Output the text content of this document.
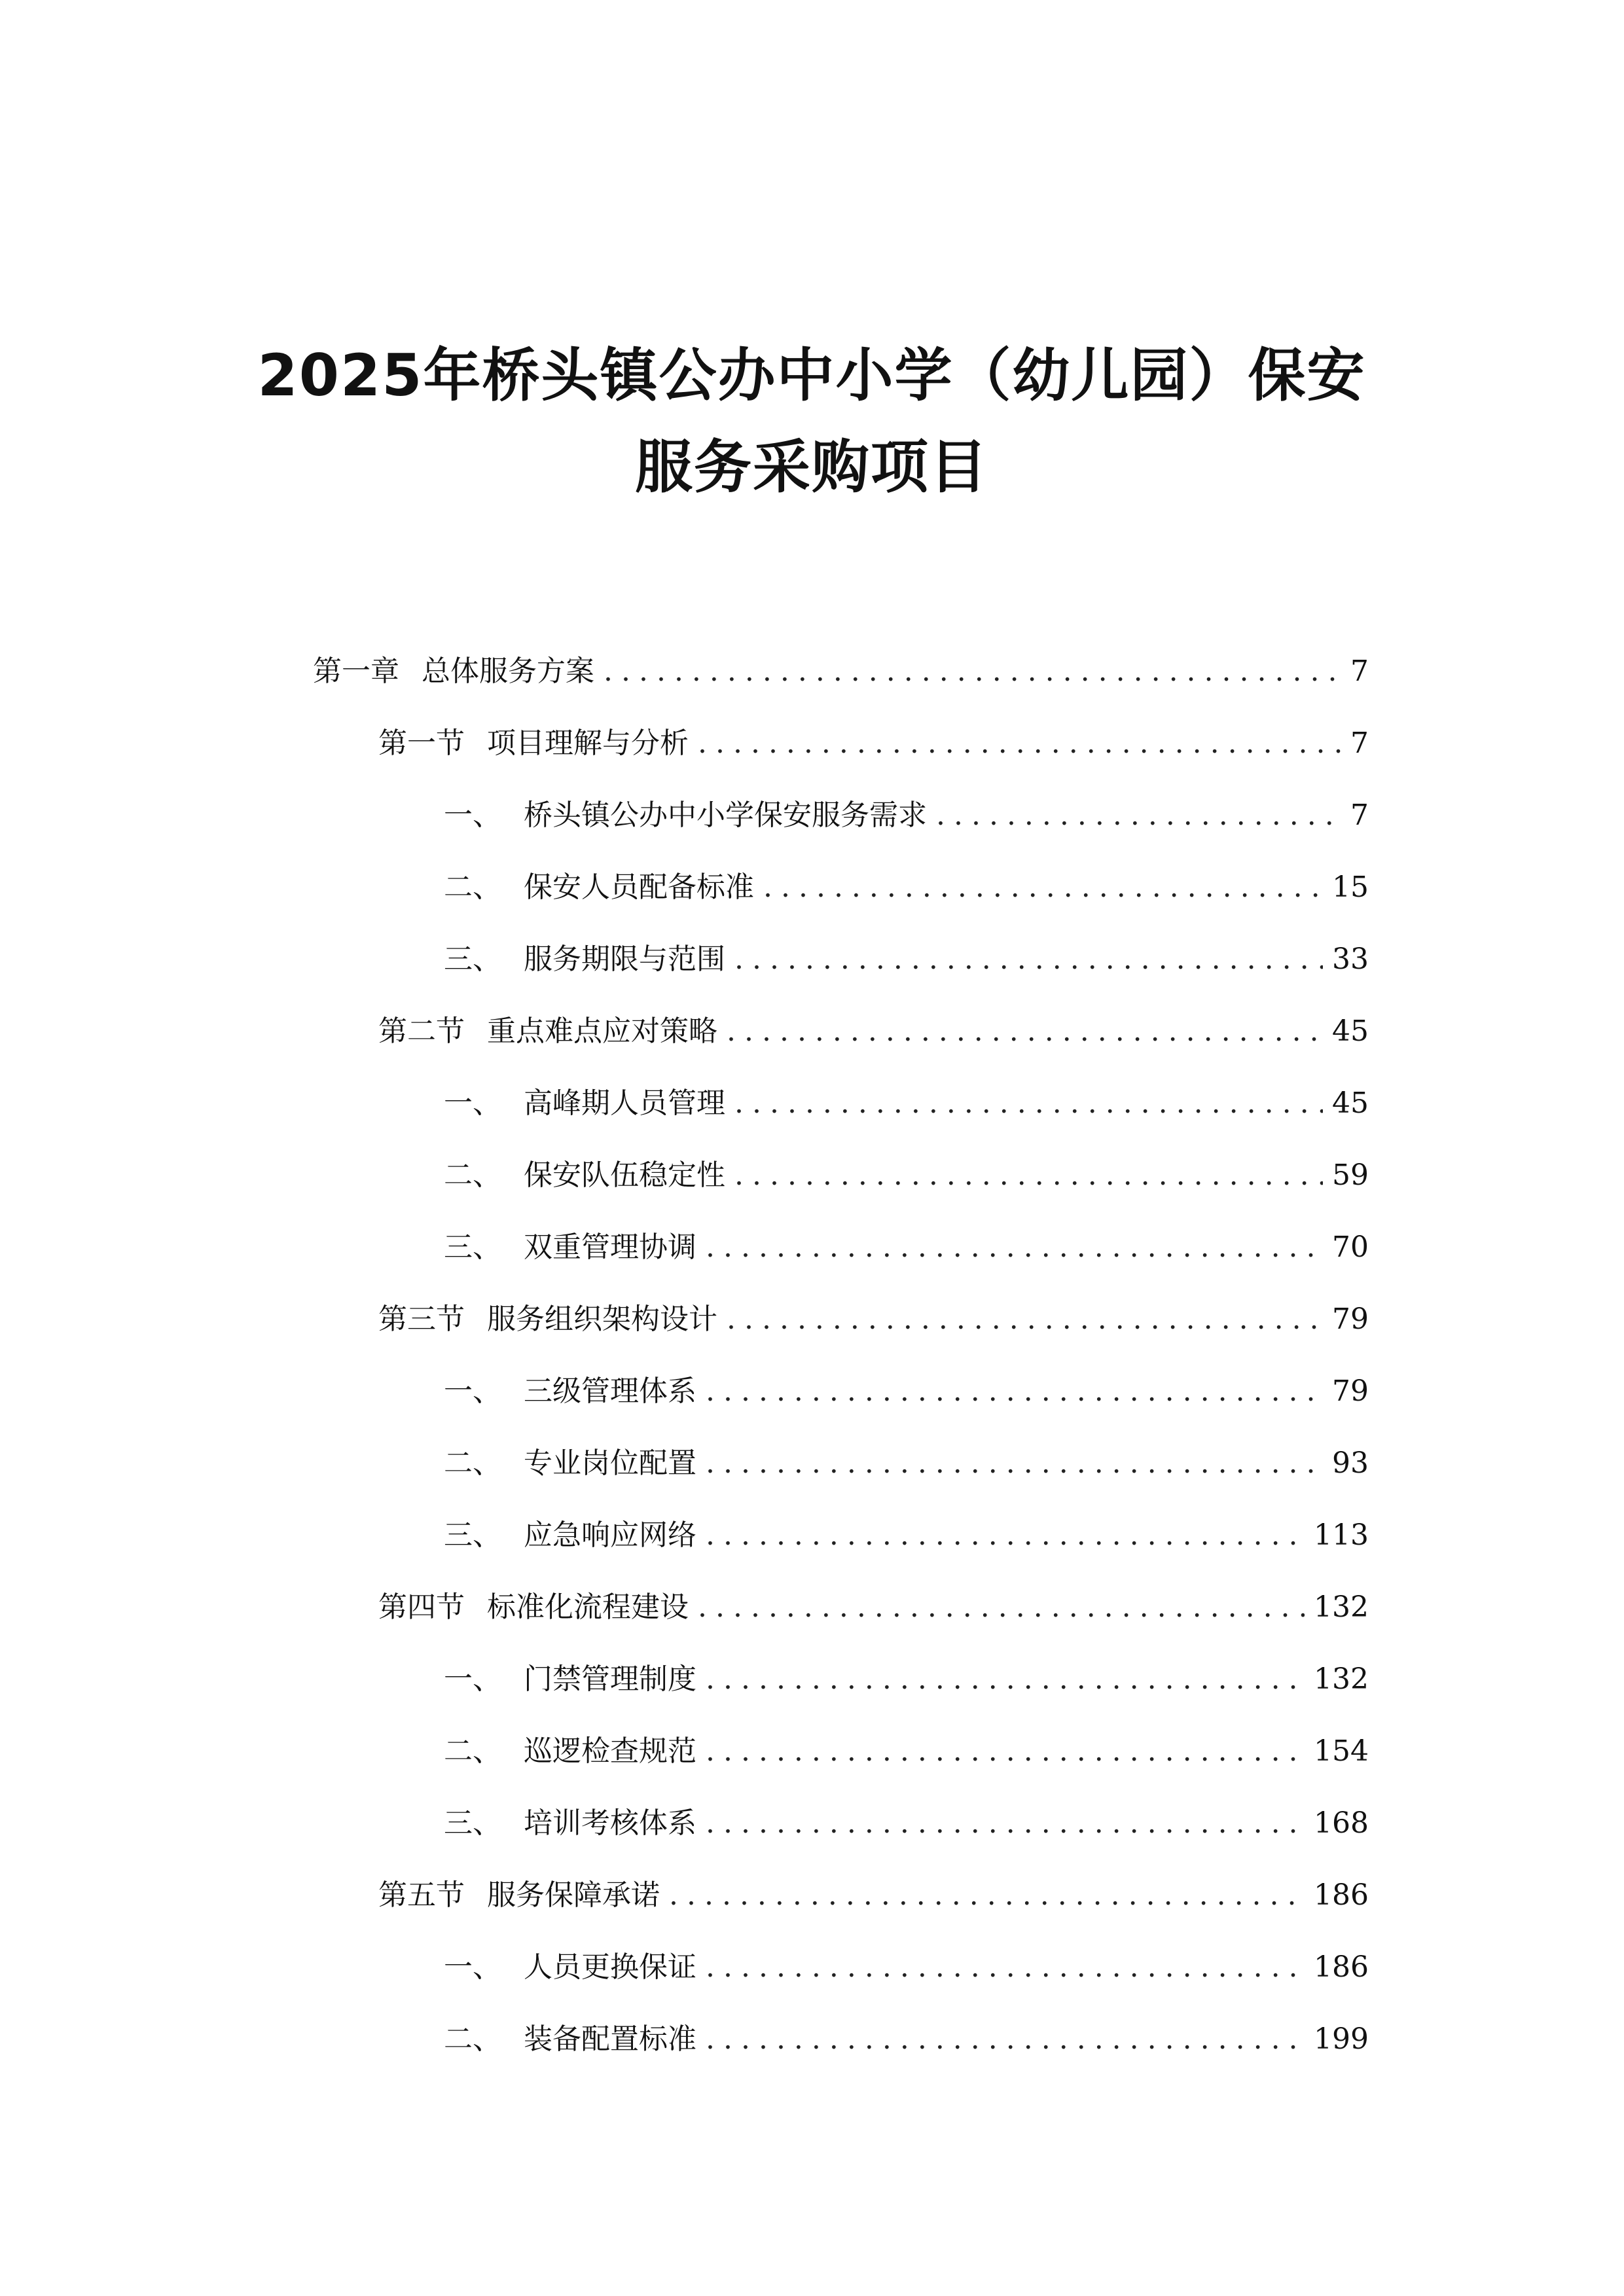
2025年桥头镇公办中小学（幼儿园）保安
服务采购项目
第一章 总体服务方案 .....	7
第一节 项目理解与分析 .....	7
一、 桥头镇公办中小学保安服务需求 .....	7
二、 保安人员配备标准 .....	15
三、 服务期限与范围 .....	33
第二节 重点难点应对策略 .....	45
一、 高峰期人员管理 .....	45
二、 保安队伍稳定性 .....	59
三、 双重管理协调 .....	70
第三节 服务组织架构设计 .....	79
一、 三级管理体系 .....	79
二、 专业岗位配置 .....	93
三、 应急响应网络 .....	113
第四节 标准化流程建设 .....	132
一、 门禁管理制度 .....	132
二、 巡逻检查规范 .....	154
三、 培训考核体系 .....	168
第五节 服务保障承诺 .....	186
一、 人员更换保证 .....	186
二、 装备配置标准 .....	199
